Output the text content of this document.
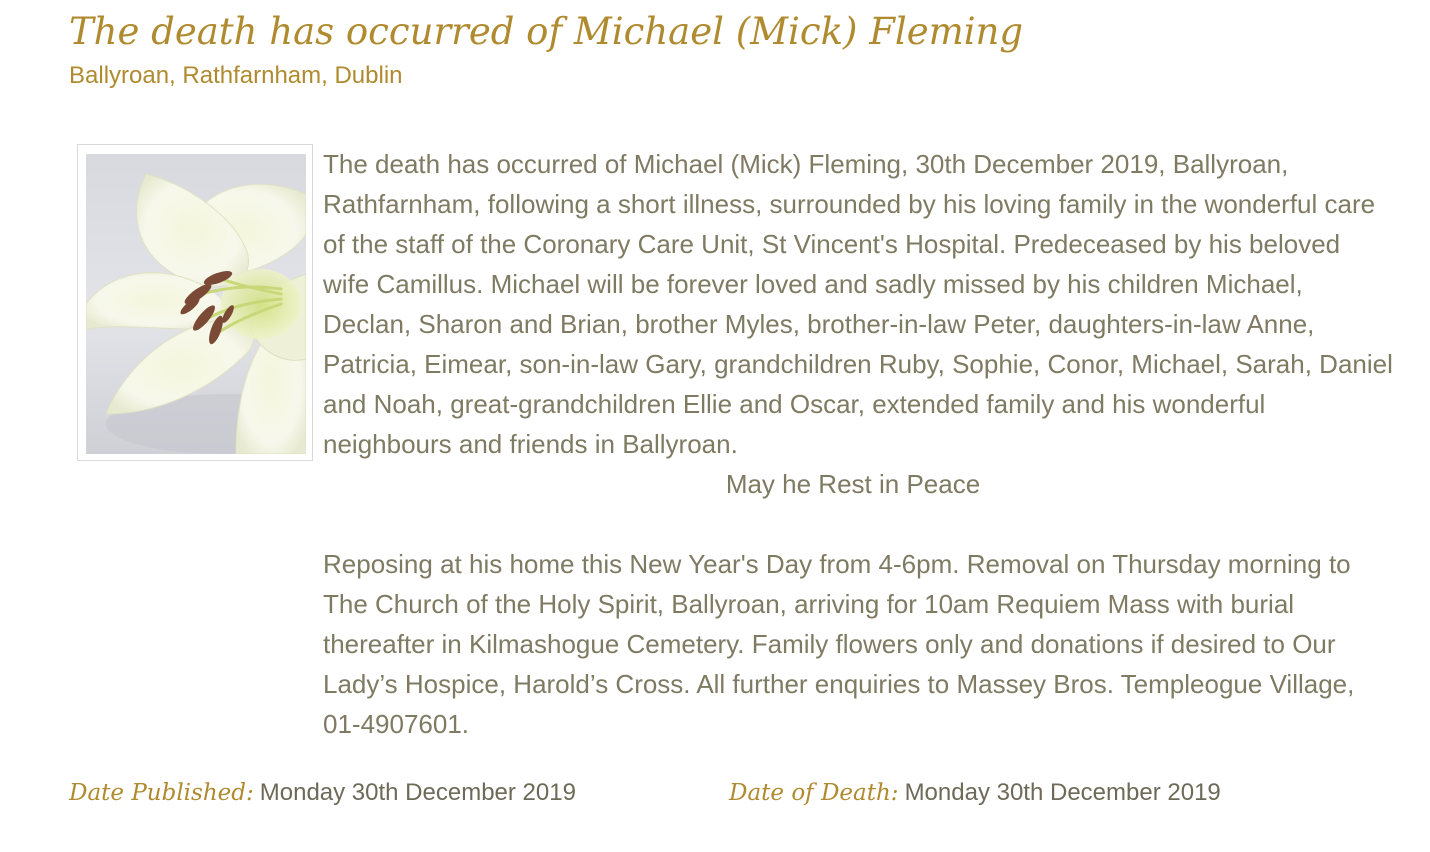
The death has occurred of Michael (Mick) Fleming
Ballyroan, Rathfarnham, Dublin

The death has occurred of Michael (Mick) Fleming, 30th December 2019, Ballyroan, Rathfarnham, following a short illness, surrounded by his loving family in the wonderful care of the staff of the Coronary Care Unit, St Vincent's Hospital. Predeceased by his beloved wife Camillus. Michael will be forever loved and sadly missed by his children Michael, Declan, Sharon and Brian, brother Myles, brother-in-law Peter, daughters-in-law Anne, Patricia, Eimear, son-in-law Gary, grandchildren Ruby, Sophie, Conor, Michael, Sarah, Daniel and Noah, great-grandchildren Ellie and Oscar, extended family and his wonderful neighbours and friends in Ballyroan.

May he Rest in Peace

Reposing at his home this New Year's Day from 4-6pm. Removal on Thursday morning to The Church of the Holy Spirit, Ballyroan, arriving for 10am Requiem Mass with burial thereafter in Kilmashogue Cemetery. Family flowers only and donations if desired to Our Lady’s Hospice, Harold’s Cross. All further enquiries to Massey Bros. Templeogue Village, 01-4907601.

Date Published: Monday 30th December 2019	Date of Death: Monday 30th December 2019
